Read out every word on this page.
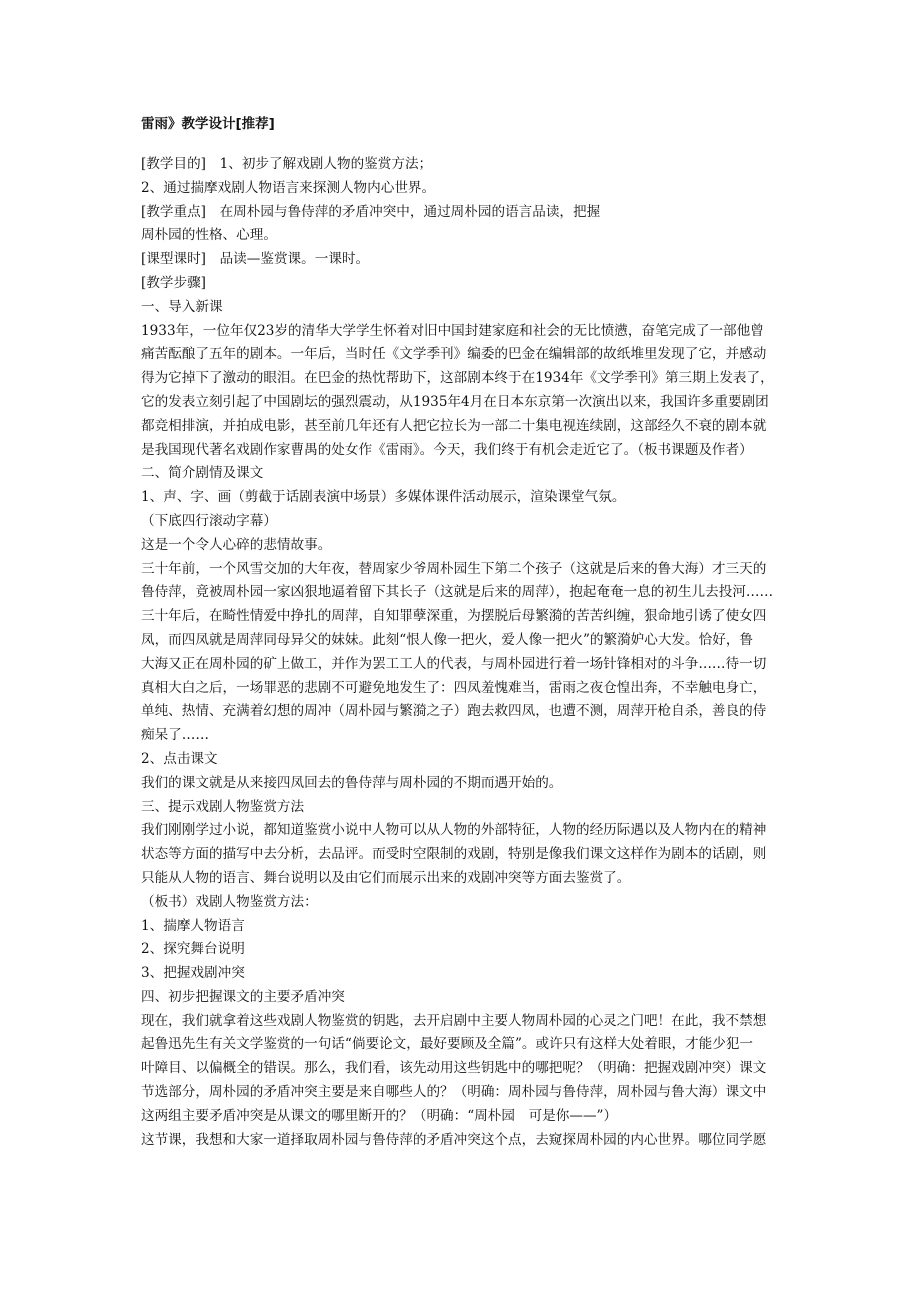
雷雨》教学设计[推荐]

[教学目的]　1、初步了解戏剧人物的鉴赏方法；

2、通过揣摩戏剧人物语言来探测人物内心世界。

[教学重点]　在周朴园与鲁侍萍的矛盾冲突中，通过周朴园的语言品读，把握

周朴园的性格、心理。

[课型课时]　品读—鉴赏课。一课时。

[教学步骤]

一、导入新课

1933年，一位年仅23岁的清华大学学生怀着对旧中国封建家庭和社会的无比愤懑，奋笔完成了一部他曾

痛苦酝酿了五年的剧本。一年后，当时任《文学季刊》编委的巴金在编辑部的故纸堆里发现了它，并感动

得为它掉下了激动的眼泪。在巴金的热忱帮助下，这部剧本终于在1934年《文学季刊》第三期上发表了，

它的发表立刻引起了中国剧坛的强烈震动，从1935年4月在日本东京第一次演出以来，我国许多重要剧团

都竞相排演，并拍成电影，甚至前几年还有人把它拉长为一部二十集电视连续剧，这部经久不衰的剧本就

是我国现代著名戏剧作家曹禺的处女作《雷雨》。今天，我们终于有机会走近它了。（板书课题及作者）

二、简介剧情及课文

1、声、字、画（剪截于话剧表演中场景）多媒体课件活动展示，渲染课堂气氛。

（下底四行滚动字幕）

这是一个令人心碎的悲情故事。

三十年前，一个风雪交加的大年夜，替周家少爷周朴园生下第二个孩子（这就是后来的鲁大海）才三天的

鲁侍萍，竟被周朴园一家凶狠地逼着留下其长子（这就是后来的周萍），抱起奄奄一息的初生儿去投河……

三十年后，在畸性情爱中挣扎的周萍，自知罪孽深重，为摆脱后母繁漪的苦苦纠缠，狠命地引诱了使女四

凤，而四凤就是周萍同母异父的妹妹。此刻“恨人像一把火，爱人像一把火”的繁漪妒心大发。恰好，鲁

大海又正在周朴园的矿上做工，并作为罢工工人的代表，与周朴园进行着一场针锋相对的斗争……待一切

真相大白之后，一场罪恶的悲剧不可避免地发生了：四凤羞愧难当，雷雨之夜仓惶出奔，不幸触电身亡，

单纯、热情、充满着幻想的周冲（周朴园与繁漪之子）跑去救四凤，也遭不测，周萍开枪自杀，善良的侍

痴呆了……

2、点击课文

我们的课文就是从来接四凤回去的鲁侍萍与周朴园的不期而遇开始的。

三、提示戏剧人物鉴赏方法

我们刚刚学过小说，都知道鉴赏小说中人物可以从人物的外部特征，人物的经历际遇以及人物内在的精神

状态等方面的描写中去分析，去品评。而受时空限制的戏剧，特别是像我们课文这样作为剧本的话剧，则

只能从人物的语言、舞台说明以及由它们而展示出来的戏剧冲突等方面去鉴赏了。

（板书）戏剧人物鉴赏方法：

1、揣摩人物语言

2、探究舞台说明

3、把握戏剧冲突

四、初步把握课文的主要矛盾冲突

现在，我们就拿着这些戏剧人物鉴赏的钥匙，去开启剧中主要人物周朴园的心灵之门吧！在此，我不禁想

起鲁迅先生有关文学鉴赏的一句话“倘要论文，最好要顾及全篇”。或许只有这样大处着眼，才能少犯一

叶障目、以偏概全的错误。那么，我们看，该先动用这些钥匙中的哪把呢？（明确：把握戏剧冲突）课文

节选部分，周朴园的矛盾冲突主要是来自哪些人的？（明确：周朴园与鲁侍萍，周朴园与鲁大海）课文中

这两组主要矛盾冲突是从课文的哪里断开的？（明确：“周朴园　可是你——”）

这节课，我想和大家一道择取周朴园与鲁侍萍的矛盾冲突这个点，去窥探周朴园的内心世界。哪位同学愿
